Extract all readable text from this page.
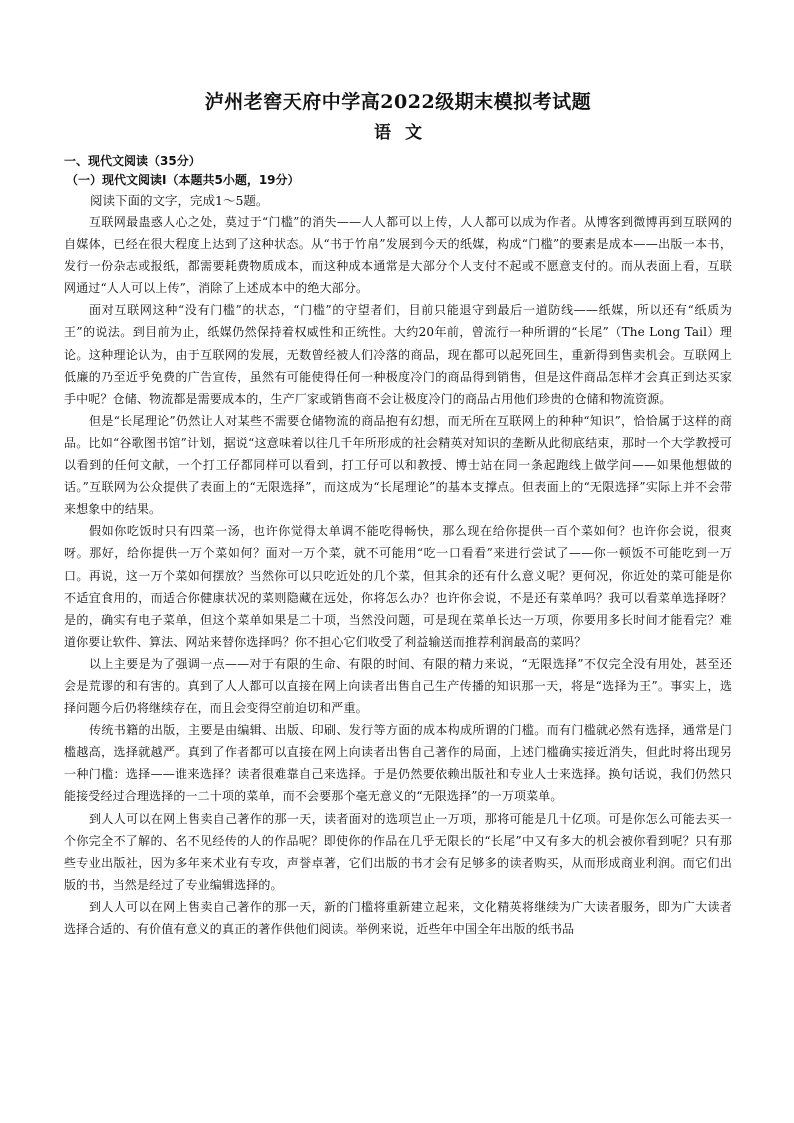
泸州老窖天府中学高2022级期末模拟考试题
语文
一、现代文阅读（35分）
（一）现代文阅读Ⅰ（本题共5小题，19分）

阅读下面的文字，完成1～5题。

互联网最蛊惑人心之处，莫过于“门槛”的消失——人人都可以上传，人人都可以成为作者。从博客到微博再到互联网的自媒体，已经在很大程度上达到了这种状态。从“书于竹帛”发展到今天的纸媒，构成“门槛”的要素是成本——出版一本书，发行一份杂志或报纸，都需要耗费物质成本，而这种成本通常是大部分个人支付不起或不愿意支付的。而从表面上看，互联网通过“人人可以上传”，消除了上述成本中的绝大部分。

面对互联网这种“没有门槛”的状态，“门槛”的守望者们，目前只能退守到最后一道防线——纸媒，所以还有“纸质为王”的说法。到目前为止，纸媒仍然保持着权威性和正统性。大约20年前，曾流行一种所谓的“长尾”（The Long Tail）理论。这种理论认为，由于互联网的发展，无数曾经被人们冷落的商品，现在都可以起死回生，重新得到售卖机会。互联网上低廉的乃至近乎免费的广告宣传，虽然有可能使得任何一种极度冷门的商品得到销售，但是这件商品怎样才会真正到达买家手中呢？仓储、物流都是需要成本的，生产厂家或销售商不会让极度冷门的商品占用他们珍贵的仓储和物流资源。

但是“长尾理论”仍然让人对某些不需要仓储物流的商品抱有幻想，而无所在互联网上的种种“知识”，恰恰属于这样的商品。比如“谷歌图书馆”计划，据说“这意味着以往几千年所形成的社会精英对知识的垄断从此彻底结束，那时一个大学教授可以看到的任何文献，一个打工仔都同样可以看到，打工仔可以和教授、博士站在同一条起跑线上做学问——如果他想做的话。”互联网为公众提供了表面上的“无限选择”，而这成为“长尾理论”的基本支撑点。但表面上的“无限选择”实际上并不会带来想象中的结果。

假如你吃饭时只有四菜一汤，也许你觉得太单调不能吃得畅快，那么现在给你提供一百个菜如何？也许你会说，很爽呀。那好，给你提供一万个菜如何？面对一万个菜，就不可能用“吃一口看看”来进行尝试了——你一顿饭不可能吃到一万口。再说，这一万个菜如何摆放？当然你可以只吃近处的几个菜，但其余的还有什么意义呢？更何况，你近处的菜可能是你不适宜食用的，而适合你健康状况的菜则隐藏在远处，你将怎么办？也许你会说，不是还有菜单吗？我可以看菜单选择呀？是的，确实有电子菜单，但这个菜单如果是二十项，当然没问题，可是现在菜单长达一万项，你要用多长时间才能看完？难道你要让软件、算法、网站来替你选择吗？你不担心它们收受了利益输送而推荐利润最高的菜吗？

以上主要是为了强调一点——对于有限的生命、有限的时间、有限的精力来说，“无限选择”不仅完全没有用处，甚至还会是荒谬的和有害的。真到了人人都可以直接在网上向读者出售自己生产传播的知识那一天，将是“选择为王”。事实上，选择问题今后仍将继续存在，而且会变得空前迫切和严重。

传统书籍的出版，主要是由编辑、出版、印刷、发行等方面的成本构成所谓的门槛。而有门槛就必然有选择，通常是门槛越高，选择就越严。真到了作者都可以直接在网上向读者出售自己著作的局面，上述门槛确实接近消失，但此时将出现另一种门槛：选择——谁来选择？读者很难靠自己来选择。于是仍然要依赖出版社和专业人士来选择。换句话说，我们仍然只能接受经过合理选择的一二十项的菜单，而不会要那个毫无意义的“无限选择”的一万项菜单。

到人人可以在网上售卖自己著作的那一天，读者面对的选项岂止一万项，那将可能是几十亿项。可是你怎么可能去买一个你完全不了解的、名不见经传的人的作品呢？即使你的作品在几乎无限长的“长尾”中又有多大的机会被你看到呢？只有那些专业出版社，因为多年来术业有专攻，声誉卓著，它们出版的书才会有足够多的读者购买，从而形成商业利润。而它们出版的书，当然是经过了专业编辑选择的。

到人人可以在网上售卖自己著作的那一天，新的门槛将重新建立起来，文化精英将继续为广大读者服务，即为广大读者选择合适的、有价值有意义的真正的著作供他们阅读。举例来说，近些年中国全年出版的纸书品
